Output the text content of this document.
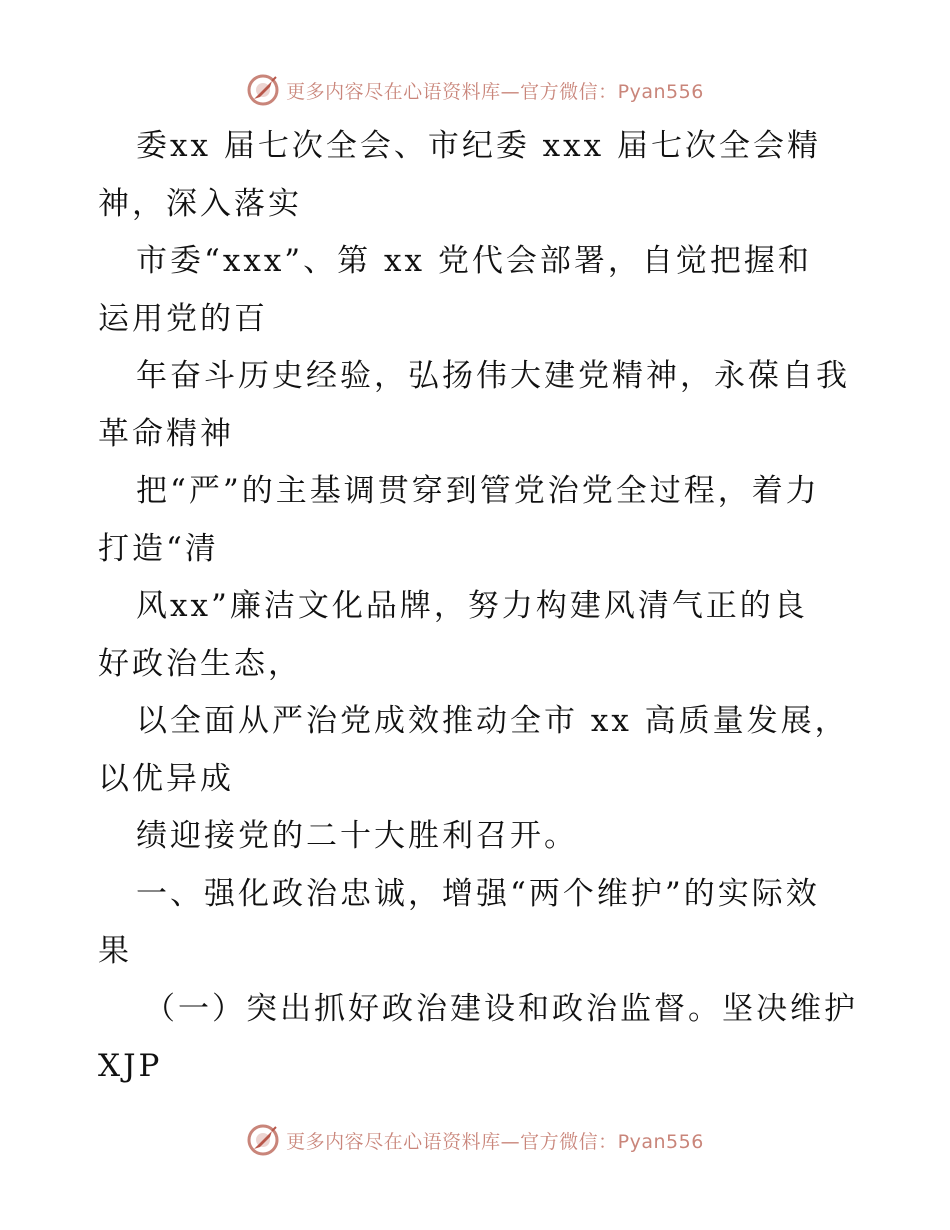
更多内容尽在心语资料库—官方微信：Pyan556
委xx 届七次全会、市纪委 xxx 届七次全会精
神，深入落实
市委“xxx”、第 xx 党代会部署，自觉把握和
运用党的百
年奋斗历史经验，弘扬伟大建党精神，永葆自我
革命精神
把“严”的主基调贯穿到管党治党全过程，着力
打造“清
风xx”廉洁文化品牌，努力构建风清气正的良
好政治生态，
以全面从严治党成效推动全市 xx 高质量发展，
以优异成
绩迎接党的二十大胜利召开。
一、强化政治忠诚，增强“两个维护”的实际效
果
（一）突出抓好政治建设和政治监督。坚决维护
XJP
更多内容尽在心语资料库—官方微信：Pyan556
